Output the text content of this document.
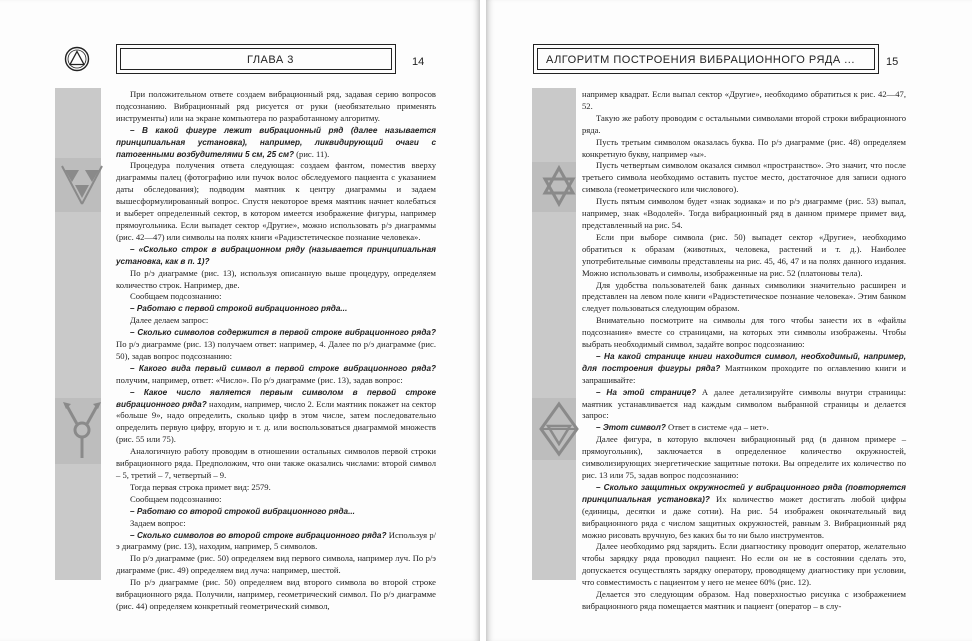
ГЛАВА 3	14

При положительном ответе создаем вибрационный ряд, задавая серию вопросов подсознанию. Вибрационный ряд рисуется от руки (необязательно применять инструменты) или на экране компьютера по разработанному алгоритму.

– В какой фигуре лежит вибрационный ряд (далее называется принципиальная установка), например, ликвидирующий очаги с патогенными возбудителями 5 см, 25 см? (рис. 11).

Процедура получения ответа следующая: создаем фантом, поместив вверху диаграммы палец (фотографию или пучок волос обследуемого пациента с указанием даты обследования); подводим маятник к центру диаграммы и задаем вышесформулированный вопрос. Спустя некоторое время маятник начнет колебаться и выберет определенный сектор, в котором имеется изображение фигуры, например прямоугольника. Если выпадет сектор «Другие», можно использовать р/э диаграммы (рис. 42—47) или символы на полях книги «Радиэстетическое познание человека».

– «Сколько строк в вибрационном ряду (называется принципиальная установка, как в п. 1)?

По р/э диаграмме (рис. 13), используя описанную выше процедуру, определяем количество строк. Например, две.

Сообщаем подсознанию:

– Работаю с первой строкой вибрационного ряда...

Далее делаем запрос:

– Сколько символов содержится в первой строке вибрационного ряда? По р/э диаграмме (рис. 13) получаем ответ: например, 4. Далее по р/э диаграмме (рис. 50), задав вопрос подсознанию:

– Какого вида первый символ в первой строке вибрационного ряда? получим, например, ответ: «Число». По р/э диаграмме (рис. 13), задав вопрос:

– Какое число является первым символом в первой строке вибрационного ряда? находим, например, число 2. Если маятник покажет на сектор «больше 9», надо определить, сколько цифр в этом числе, затем последовательно определить первую цифру, вторую и т. д. или воспользоваться диаграммой множеств (рис. 55 или 75).

Аналогичную работу проводим в отношении остальных символов первой строки вибрационного ряда. Предположим, что они также оказались числами: второй символ – 5, третий – 7, четвертый – 9.

Тогда первая строка примет вид: 2579.

Сообщаем подсознанию:

– Работаю со второй строкой вибрационного ряда...

Задаем вопрос:

– Сколько символов во второй строке вибрационного ряда? Используя р/э диаграмму (рис. 13), находим, например, 5 символов.

По р/э диаграмме (рис. 50) определяем вид первого символа, например луч. По р/э диаграмме (рис. 49) определяем вид луча: например, шестой.

По р/э диаграмме (рис. 50) определяем вид второго символа во второй строке вибрационного ряда. Получили, например, геометрический символ. По р/э диаграмме (рис. 44) определяем конкретный геометрический символ,

АЛГОРИТМ ПОСТРОЕНИЯ ВИБРАЦИОННОГО РЯДА ...	15

например квадрат. Если выпал сектор «Другие», необходимо обратиться к рис. 42—47, 52.

Такую же работу проводим с остальными символами второй строки вибрационного ряда.

Пусть третьим символом оказалась буква. По р/э диаграмме (рис. 48) определяем конкретную букву, например «ы».

Пусть четвертым символом оказался символ «пространство». Это значит, что после третьего символа необходимо оставить пустое место, достаточное для записи одного символа (геометрического или числового).

Пусть пятым символом будет «знак зодиака» и по р/э диаграмме (рис. 53) выпал, например, знак «Водолей». Тогда вибрационный ряд в данном примере примет вид, представленный на рис. 54.

Если при выборе символа (рис. 50) выпадет сектор «Другие», необходимо обратиться к образам (животных, человека, растений и т. д.). Наиболее употребительные символы представлены на рис. 45, 46, 47 и на полях данного издания. Можно использовать и символы, изображенные на рис. 52 (платоновы тела).

Для удобства пользователей банк данных символики значительно расширен и представлен на левом поле книги «Радиэстетическое познание человека». Этим банком следует пользоваться следующим образом.

Внимательно посмотрите на символы для того чтобы занести их в «файлы подсознания» вместе со страницами, на которых эти символы изображены. Чтобы выбрать необходимый символ, задайте вопрос подсознанию:

– На какой странице книги находится символ, необходимый, например, для построения фигуры ряда? Маятником проходите по оглавлению книги и запрашивайте:

– На этой странице? А далее детализируйте символы внутри страницы: маятник устанавливается над каждым символом выбранной страницы и делается запрос:

– Этот символ? Ответ в системе «да – нет».

Далее фигура, в которую включен вибрационный ряд (в данном примере – прямоугольник), заключается в определенное количество окружностей, символизирующих энергетические защитные потоки. Вы определите их количество по рис. 13 или 75, задав вопрос подсознанию:

– Сколько защитных окружностей у вибрационного ряда (повторяется принципиальная установка)? Их количество может достигать любой цифры (единицы, десятки и даже сотни). На рис. 54 изображен окончательный вид вибрационного ряда с числом защитных окружностей, равным 3. Вибрационный ряд можно рисовать вручную, без каких бы то ни было инструментов.

Далее необходимо ряд зарядить. Если диагностику проводит оператор, желательно чтобы зарядку ряда проводил пациент. Но если он не в состоянии сделать это, допускается осуществлять зарядку оператору, проводящему диагностику при условии, что совместимость с пациентом у него не менее 60% (рис. 12).

Делается это следующим образом. Над поверхностью рисунка с изображением вибрационного ряда помещается маятник и пациент (оператор – в слу-
